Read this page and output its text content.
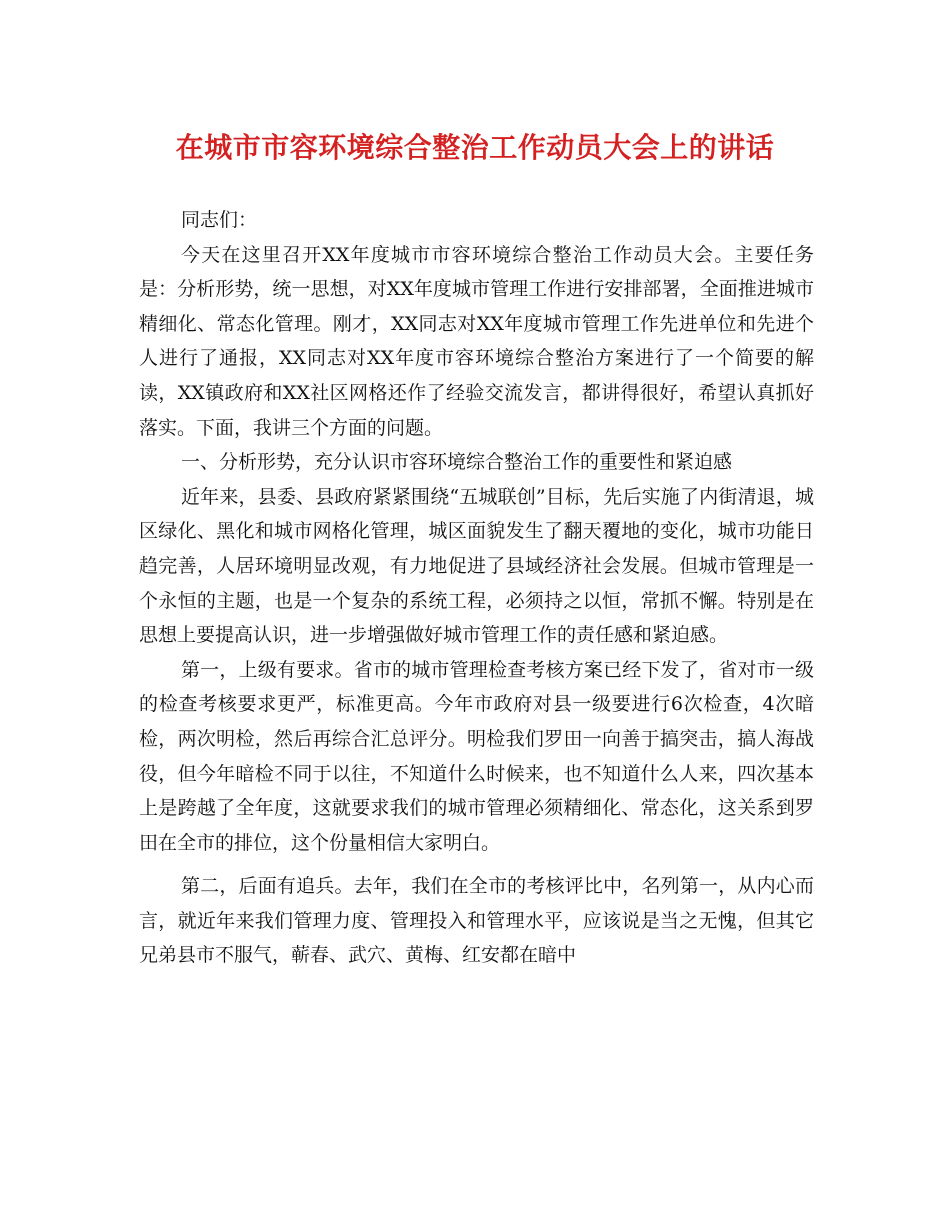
在城市市容环境综合整治工作动员大会上的讲话

同志们：

今天在这里召开XX年度城市市容环境综合整治工作动员大会。主要任务是：分析形势，统一思想，对XX年度城市管理工作进行安排部署，全面推进城市精细化、常态化管理。刚才，XX同志对XX年度城市管理工作先进单位和先进个人进行了通报，XX同志对XX年度市容环境综合整治方案进行了一个简要的解读，XX镇政府和XX社区网格还作了经验交流发言，都讲得很好，希望认真抓好落实。下面，我讲三个方面的问题。

一、分析形势，充分认识市容环境综合整治工作的重要性和紧迫感

近年来，县委、县政府紧紧围绕“五城联创”目标，先后实施了内街清退，城区绿化、黑化和城市网格化管理，城区面貌发生了翻天覆地的变化，城市功能日趋完善，人居环境明显改观，有力地促进了县域经济社会发展。但城市管理是一个永恒的主题，也是一个复杂的系统工程，必须持之以恒，常抓不懈。特别是在思想上要提高认识，进一步增强做好城市管理工作的责任感和紧迫感。

第一，上级有要求。省市的城市管理检查考核方案已经下发了，省对市一级的检查考核要求更严，标准更高。今年市政府对县一级要进行6次检查，4次暗检，两次明检，然后再综合汇总评分。明检我们罗田一向善于搞突击，搞人海战役，但今年暗检不同于以往，不知道什么时候来，也不知道什么人来，四次基本上是跨越了全年度，这就要求我们的城市管理必须精细化、常态化，这关系到罗田在全市的排位，这个份量相信大家明白。

第二，后面有追兵。去年，我们在全市的考核评比中，名列第一，从内心而言，就近年来我们管理力度、管理投入和管理水平，应该说是当之无愧，但其它兄弟县市不服气，蕲春、武穴、黄梅、红安都在暗中
